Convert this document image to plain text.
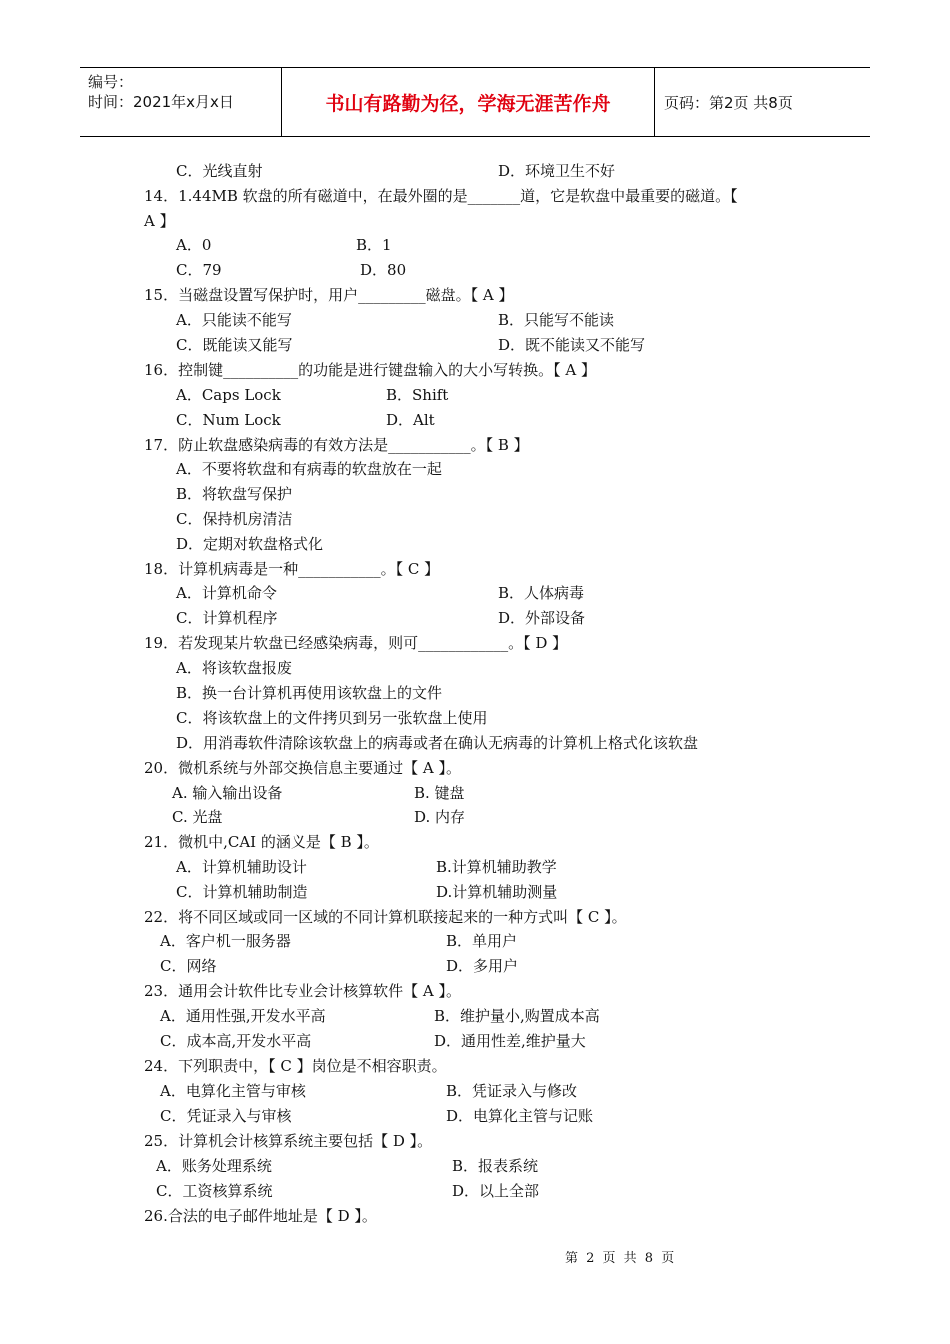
编号：
时间：2021年x月x日	书山有路勤为径，学海无涯苦作舟	页码：第2页 共8页
C．光线直射	D．环境卫生不好
14．1.44MB 软盘的所有磁道中，在最外圈的是_______道，它是软盘中最重要的磁道。【
A 】
A．0	B．1
C．79	D．80
15．当磁盘设置写保护时，用户_________磁盘。【 A 】
A．只能读不能写	B．只能写不能读
C．既能读又能写	D．既不能读又不能写
16．控制键__________的功能是进行键盘输入的大小写转换。【 A 】
A．Caps Lock	B．Shift
C．Num Lock	D．Alt
17．防止软盘感染病毒的有效方法是___________。【 B 】
A．不要将软盘和有病毒的软盘放在一起
B．将软盘写保护
C．保持机房清洁
D．定期对软盘格式化
18．计算机病毒是一种___________。【 C 】
A．计算机命令	B．人体病毒
C．计算机程序	D．外部设备
19．若发现某片软盘已经感染病毒，则可____________。【 D 】
A．将该软盘报废
B．换一台计算机再使用该软盘上的文件
C．将该软盘上的文件拷贝到另一张软盘上使用
D．用消毒软件清除该软盘上的病毒或者在确认无病毒的计算机上格式化该软盘
20．微机系统与外部交换信息主要通过【 A 】。
A. 输入输出设备	B. 键盘
C. 光盘	D. 内存
21．微机中,CAI 的涵义是【 B 】。
A．计算机辅助设计	B.计算机辅助教学
C．计算机辅助制造	D.计算机辅助测量
22．将不同区域或同一区域的不同计算机联接起来的一种方式叫【 C 】。
A．客户机一服务器	B．单用户
C．网络	D．多用户
23．通用会计软件比专业会计核算软件【 A 】。
A．通用性强,开发水平高	B．维护量小,购置成本高
C．成本高,开发水平高	D．通用性差,维护量大
24．下列职责中，【 C 】岗位是不相容职责。
A．电算化主管与审核	B．凭证录入与修改
C．凭证录入与审核	D．电算化主管与记账
25．计算机会计核算系统主要包括【 D 】。
A．账务处理系统	B．报表系统
C．工资核算系统	D．以上全部
26.合法的电子邮件地址是【 D 】。
第 2 页 共 8 页
